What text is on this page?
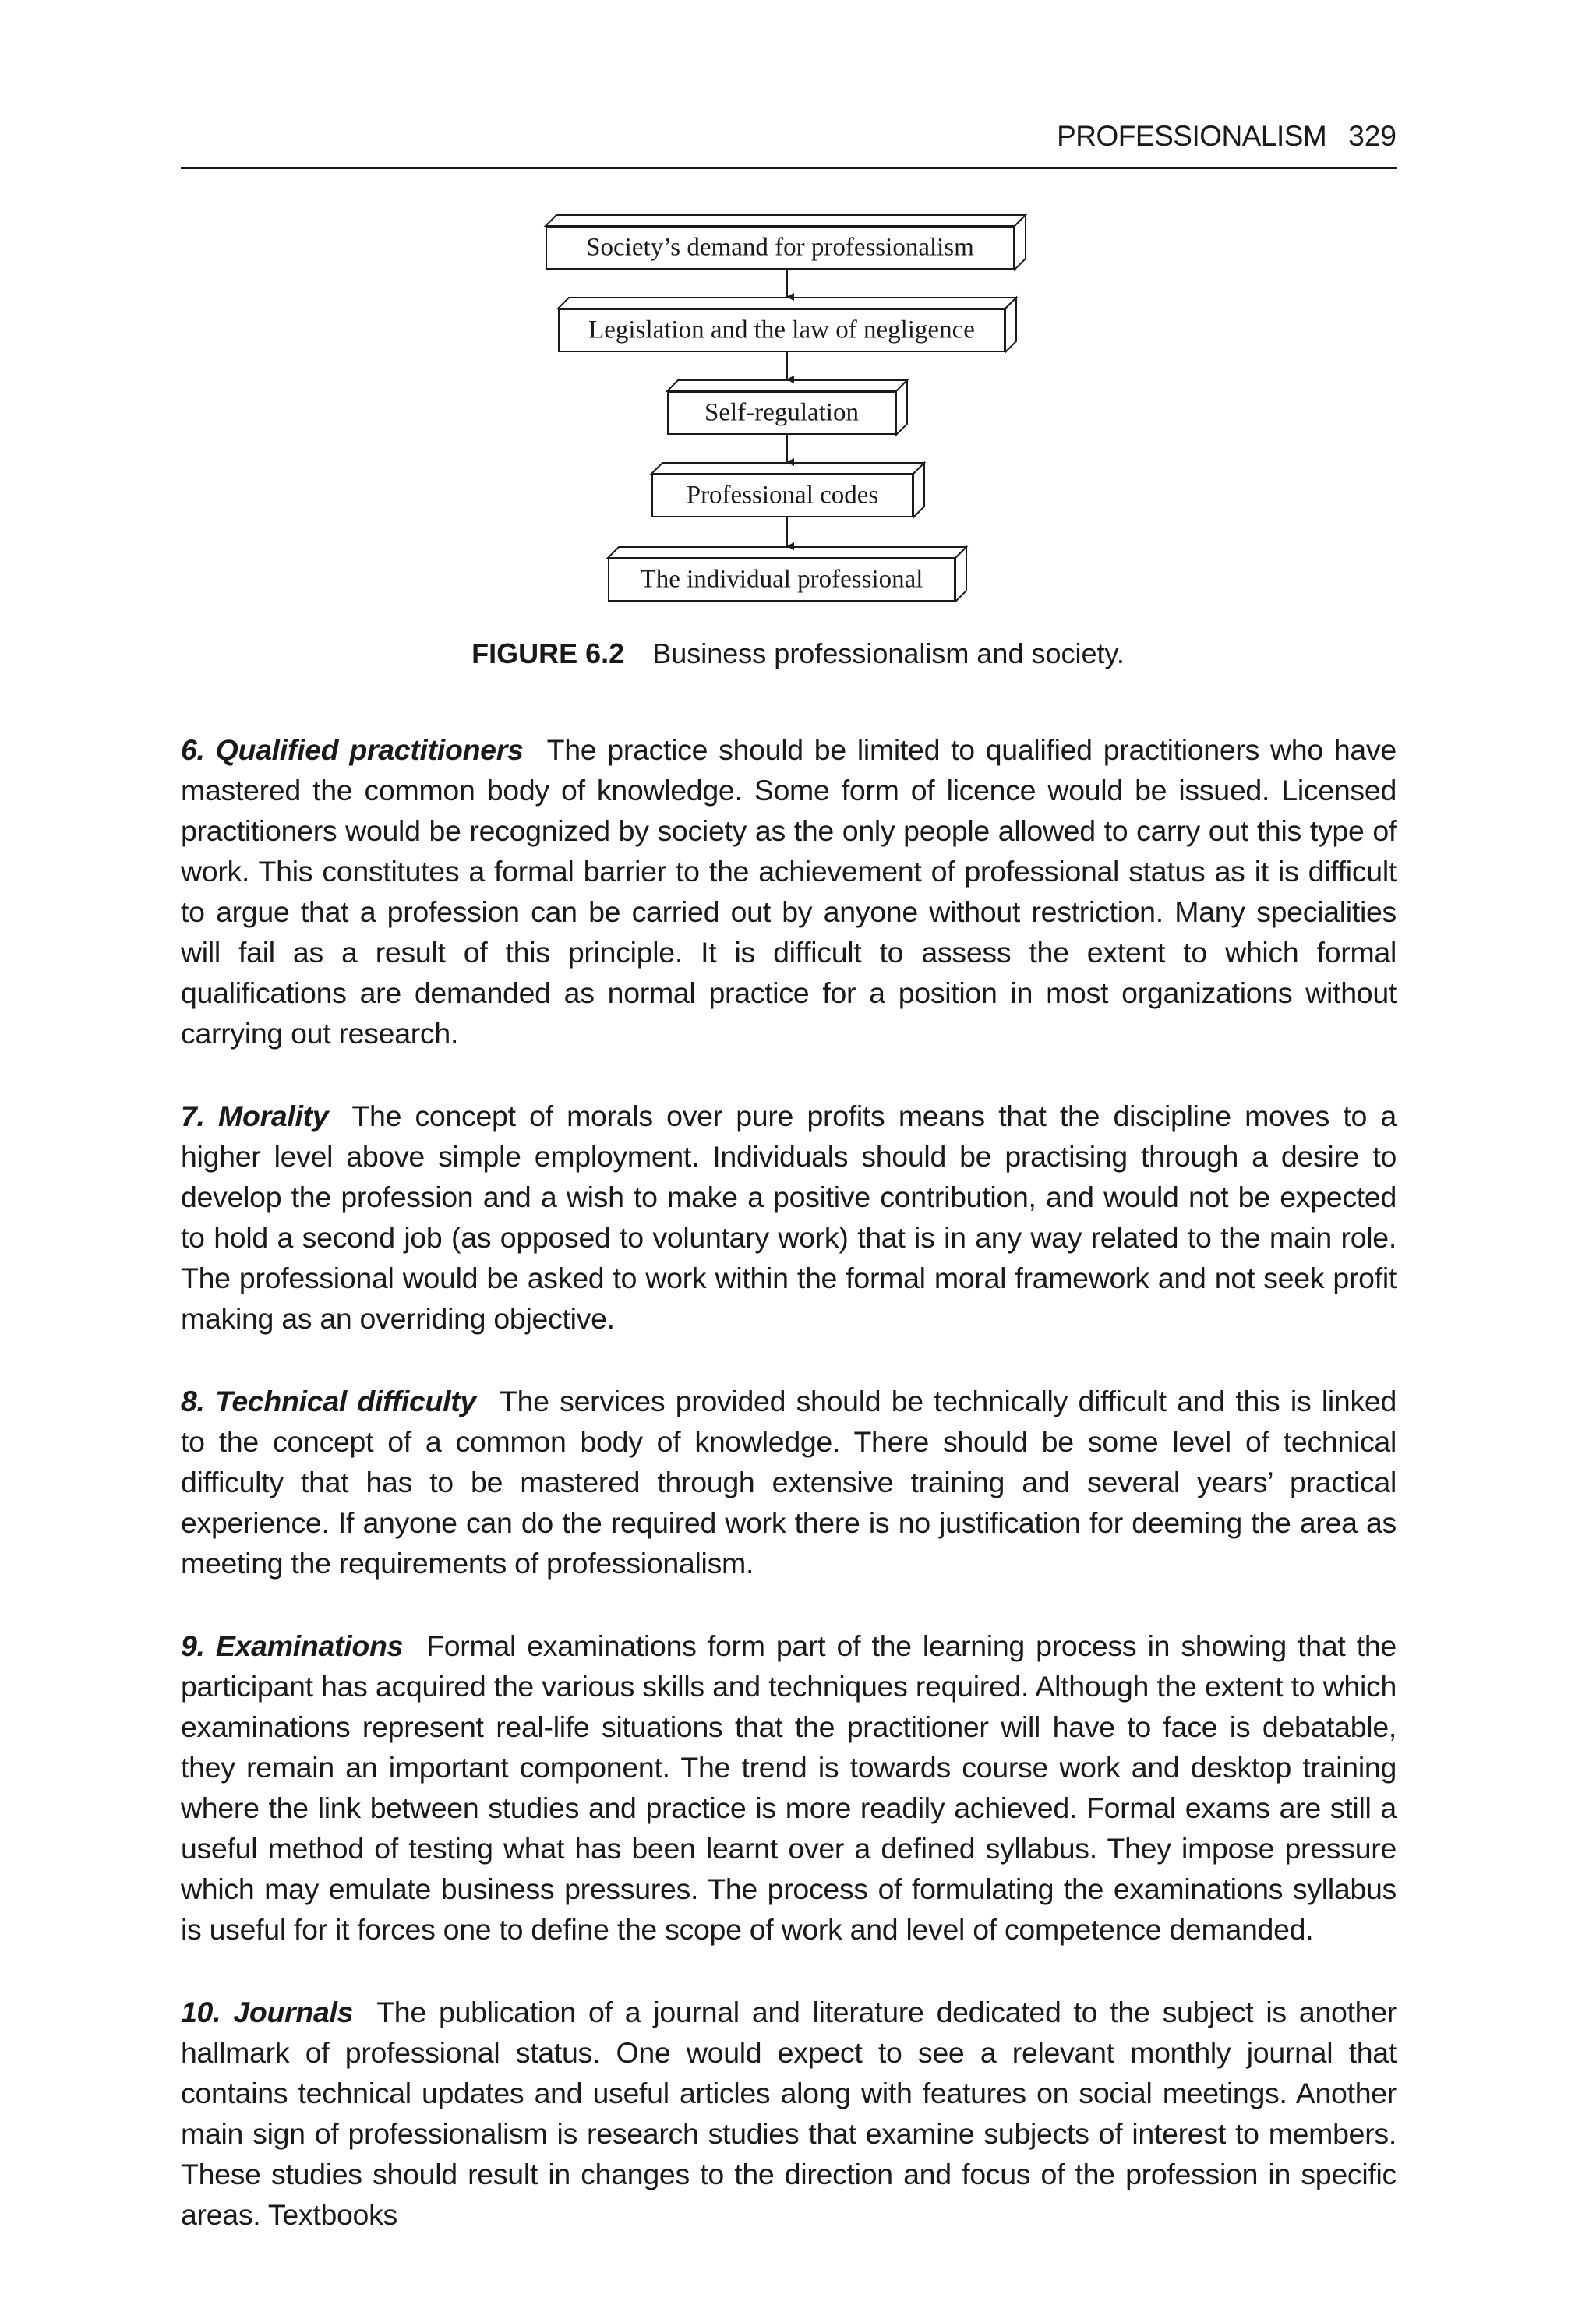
PROFESSIONALISM 329
Society’s demand for professionalism
Legislation and the law of negligence
Self-regulation
Professional codes
The individual professional
FIGURE 6.2 Business professionalism and society.

6. Qualified practitioners The practice should be limited to qualified practitioners who have mastered the common body of knowledge. Some form of licence would be issued. Licensed practitioners would be recognized by society as the only people allowed to carry out this type of work. This constitutes a formal barrier to the achievement of professional status as it is difficult to argue that a profession can be carried out by anyone without restriction. Many specialities will fail as a result of this principle. It is difficult to assess the extent to which formal qualifications are demanded as normal practice for a position in most organizations without carrying out research.

7. Morality The concept of morals over pure profits means that the discipline moves to a higher level above simple employment. Individuals should be practising through a desire to develop the profession and a wish to make a positive contribution, and would not be expected to hold a second job (as opposed to voluntary work) that is in any way related to the main role. The professional would be asked to work within the formal moral framework and not seek profit making as an overriding objective.

8. Technical difficulty The services provided should be technically difficult and this is linked to the concept of a common body of knowledge. There should be some level of technical difficulty that has to be mastered through extensive training and several years’ practical experience. If anyone can do the required work there is no justification for deeming the area as meeting the requirements of professionalism.

9. Examinations Formal examinations form part of the learning process in showing that the participant has acquired the various skills and techniques required. Although the extent to which examinations represent real-life situations that the practitioner will have to face is debatable, they remain an important component. The trend is towards course work and desktop training where the link between studies and practice is more readily achieved. Formal exams are still a useful method of testing what has been learnt over a defined syllabus. They impose pressure which may emulate business pressures. The process of formulating the examinations syllabus is useful for it forces one to define the scope of work and level of competence demanded.

10. Journals The publication of a journal and literature dedicated to the subject is another hallmark of professional status. One would expect to see a relevant monthly journal that contains technical updates and useful articles along with features on social meetings. Another main sign of professionalism is research studies that examine subjects of interest to members. These studies should result in changes to the direction and focus of the profession in specific areas. Textbooks
